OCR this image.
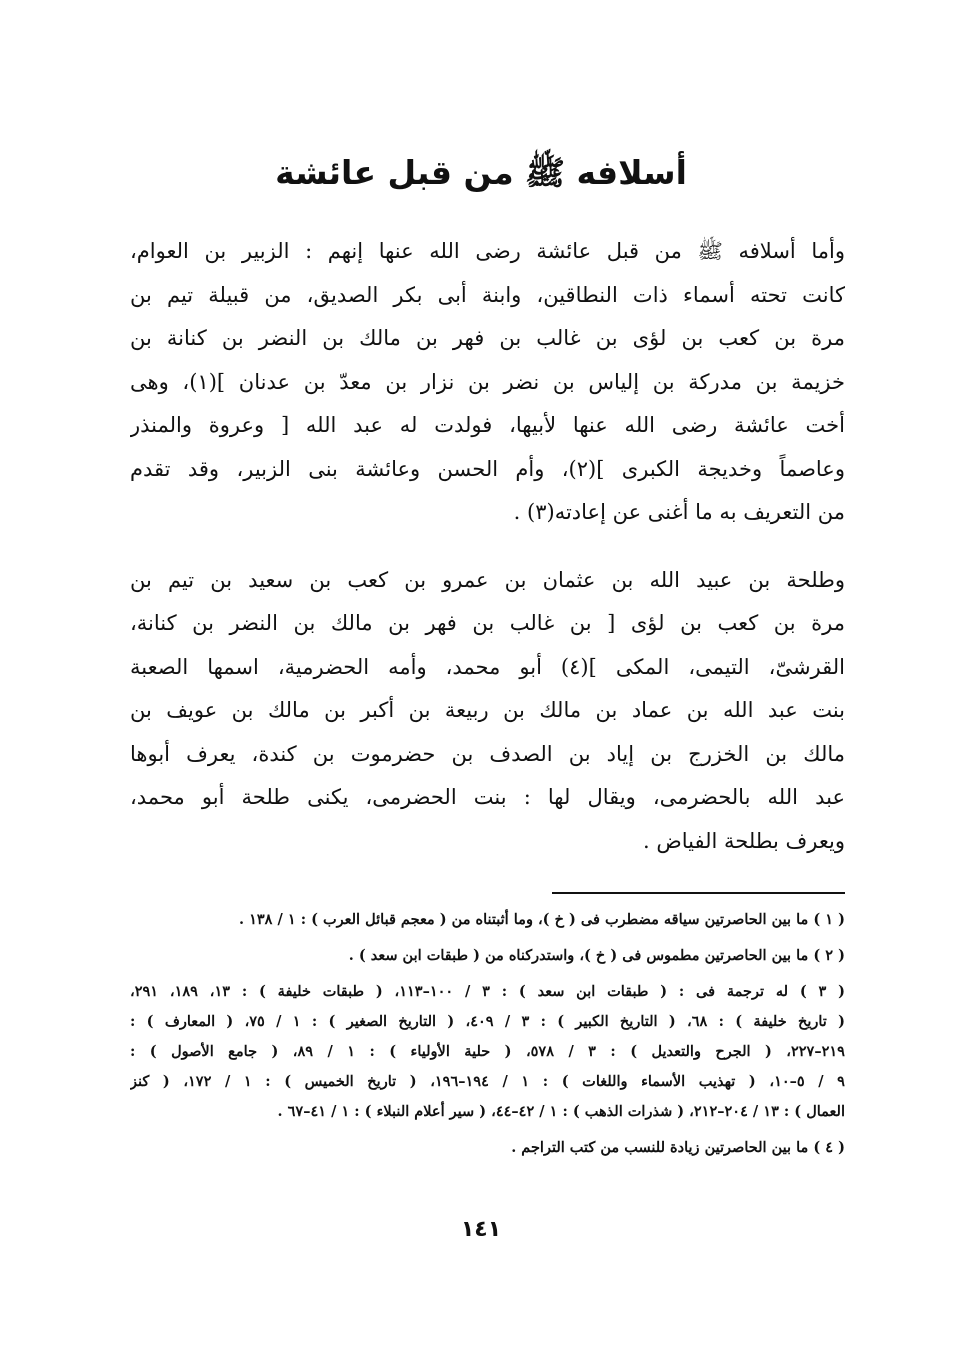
أسلافه ﷺ من قبل عائشة
وأما أسلافه ﷺ من قبل عائشة رضى الله عنها إنهم : الزبير بن العوام،
كانت تحته أسماء ذات النطاقين، وابنة أبى بكر الصديق، من قبيلة تيم بن
مرة بن كعب بن لؤى بن غالب بن فهر بن مالك بن النضر بن كنانة بن
خزيمة بن مدركة بن إلياس بن نضر بن نزار بن معدّ بن عدنان ](١)، وهى
أخت عائشة رضى الله عنها لأبيها، فولدت له عبد الله [ وعروة والمنذر
وعاصماً وخديجة الكبرى ](٢)، وأم الحسن وعائشة بنى الزبير، وقد تقدم
من التعريف به ما أغنى عن إعادته(٣) .
وطلحة بن عبيد الله بن عثمان بن عمرو بن كعب بن سعيد بن تيم بن
مرة بن كعب بن لؤى [ بن غالب بن فهر بن مالك بن النضر بن كنانة،
القرشىّ، التيمى، المكى ](٤) أبو محمد، وأمه الحضرمية، اسمها الصعبة
بنت عبد الله بن عماد بن مالك بن ربيعة بن أكبر بن مالك بن عويف بن
مالك بن الخزرج بن إياد بن الصدف بن حضرموت بن كندة، يعرف أبوها
عبد الله بالحضرمى، ويقال لها : بنت الحضرمى، يكنى طلحة أبو محمد،
ويعرف بطلحة الفياض .
( ١ ) ما بين الحاصرتين سياقه مضطرب فى ( خ )، وما أثبتناه من ( معجم قبائل العرب ) : ١ / ١٣٨ .
( ٢ ) ما بين الحاصرتين مطموس فى ( خ )، واستدركناه من ( طبقات ابن سعد ) .
( ٣ ) له ترجمة فى : ( طبقات ابن سعد ) : ٣ / ١٠٠–١١٣، ( طبقات خليفة ) : ١٣، ١٨٩، ٢٩١،
( تاريخ خليفة ) : ٦٨، ( التاريخ الكبير ) : ٣ / ٤٠٩، ( التاريخ الصغير ) : ١ / ٧٥، ( المعارف ) :
٢١٩–٢٢٧، ( الجرح والتعديل ) : ٣ / ٥٧٨، ( حلية الأولياء ) : ١ / ٨٩، ( جامع الأصول ) :
٩ / ٥–١٠، ( تهذيب الأسماء واللغات ) : ١ / ١٩٤–١٩٦، ( تاريخ الخميس ) : ١ / ١٧٢، ( كنز
العمال ) : ١٣ / ٢٠٤–٢١٢، ( شذرات الذهب ) : ١ / ٤٢–٤٤، ( سير أعلام النبلاء ) : ١ / ٤١–٦٧ .
( ٤ ) ما بين الحاصرتين زيادة للنسب من كتب التراجم .
١٤١
